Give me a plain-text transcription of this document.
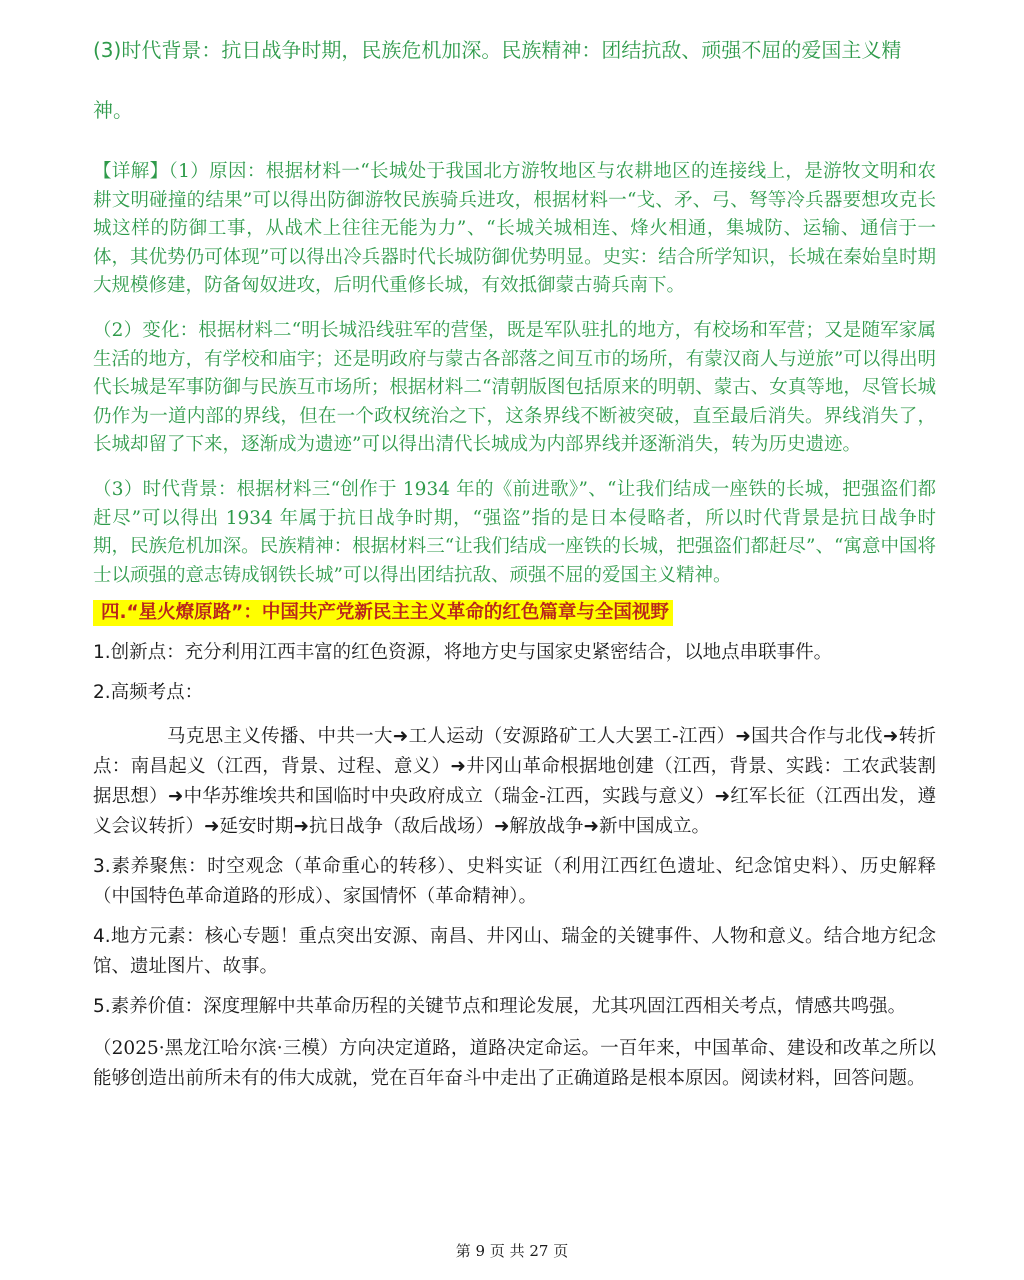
(3)时代背景：抗日战争时期，民族危机加深。民族精神：团结抗敌、顽强不屈的爱国主义精神。

【详解】（1）原因：根据材料一“长城处于我国北方游牧地区与农耕地区的连接线上，是游牧文明和农耕文明碰撞的结果”可以得出防御游牧民族骑兵进攻，根据材料一“戈、矛、弓、弩等冷兵器要想攻克长城这样的防御工事，从战术上往往无能为力”、“长城关城相连、烽火相通，集城防、运输、通信于一体，其优势仍可体现”可以得出冷兵器时代长城防御优势明显。史实：结合所学知识，长城在秦始皇时期大规模修建，防备匈奴进攻，后明代重修长城，有效抵御蒙古骑兵南下。

（2）变化：根据材料二“明长城沿线驻军的营堡，既是军队驻扎的地方，有校场和军营；又是随军家属生活的地方，有学校和庙宇；还是明政府与蒙古各部落之间互市的场所，有蒙汉商人与逆旅”可以得出明代长城是军事防御与民族互市场所；根据材料二“清朝版图包括原来的明朝、蒙古、女真等地，尽管长城仍作为一道内部的界线，但在一个政权统治之下，这条界线不断被突破，直至最后消失。界线消失了，长城却留了下来，逐渐成为遗迹”可以得出清代长城成为内部界线并逐渐消失，转为历史遗迹。

（3）时代背景：根据材料三“创作于 1934 年的《前进歌》”、“让我们结成一座铁的长城，把强盗们都赶尽”可以得出 1934 年属于抗日战争时期，“强盗”指的是日本侵略者，所以时代背景是抗日战争时期，民族危机加深。民族精神：根据材料三“让我们结成一座铁的长城，把强盗们都赶尽”、“寓意中国将士以顽强的意志铸成钢铁长城”可以得出团结抗敌、顽强不屈的爱国主义精神。

四.“星火燎原路”：中国共产党新民主主义革命的红色篇章与全国视野

1.创新点：充分利用江西丰富的红色资源，将地方史与国家史紧密结合，以地点串联事件。

2.高频考点：

马克思主义传播、中共一大➜工人运动（安源路矿工人大罢工-江西）➜国共合作与北伐➜转折点：南昌起义（江西，背景、过程、意义）➜井冈山革命根据地创建（江西，背景、实践：工农武装割据思想）➜中华苏维埃共和国临时中央政府成立（瑞金-江西，实践与意义）➜红军长征（江西出发，遵义会议转折）➜延安时期➜抗日战争（敌后战场）➜解放战争➜新中国成立。

3.素养聚焦：时空观念（革命重心的转移）、史料实证（利用江西红色遗址、纪念馆史料）、历史解释（中国特色革命道路的形成）、家国情怀（革命精神）。

4.地方元素：核心专题！重点突出安源、南昌、井冈山、瑞金的关键事件、人物和意义。结合地方纪念馆、遗址图片、故事。

5.素养价值：深度理解中共革命历程的关键节点和理论发展，尤其巩固江西相关考点，情感共鸣强。

（2025·黑龙江哈尔滨·三模）方向决定道路，道路决定命运。一百年来，中国革命、建设和改革之所以能够创造出前所未有的伟大成就，党在百年奋斗中走出了正确道路是根本原因。阅读材料，回答问题。

第 9 页 共 27 页
